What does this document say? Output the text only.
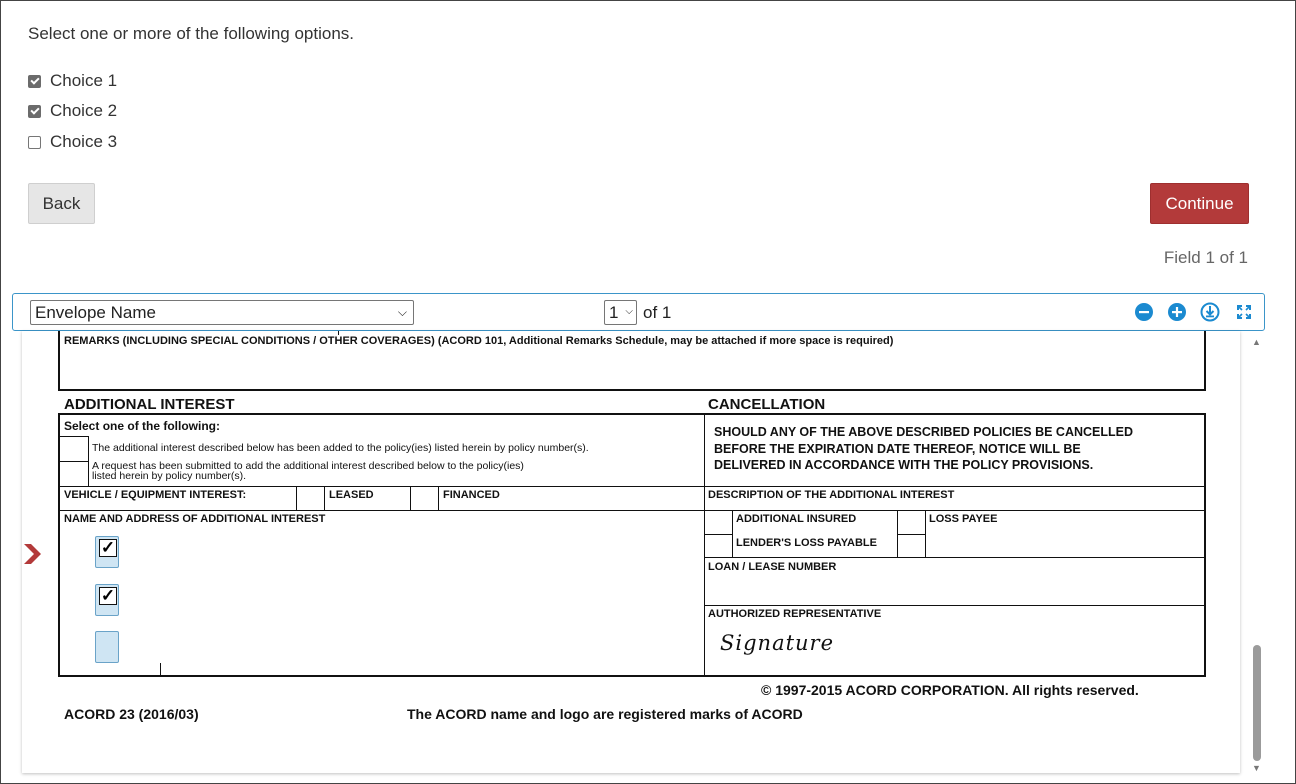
Select one or more of the following options.
Choice 1
Choice 2
Choice 3
Back	Continue
Field 1 of 1
Envelope Name	⌵	1 ⌵ of 1
REMARKS (INCLUDING SPECIAL CONDITIONS / OTHER COVERAGES) (ACORD 101, Additional Remarks Schedule, may be attached if more space is required)
ADDITIONAL INTEREST	CANCELLATION
Select one of the following:
The additional interest described below has been added to the policy(ies) listed herein by policy number(s).
A request has been submitted to add the additional interest described below to the policy(ies)
listed herein by policy number(s).
SHOULD ANY OF THE ABOVE DESCRIBED POLICIES BE CANCELLED
BEFORE THE EXPIRATION DATE THEREOF, NOTICE WILL BE
DELIVERED IN ACCORDANCE WITH THE POLICY PROVISIONS.
VEHICLE / EQUIPMENT INTEREST:	LEASED	FINANCED	DESCRIPTION OF THE ADDITIONAL INTEREST
NAME AND ADDRESS OF ADDITIONAL INTEREST	ADDITIONAL INSURED	LOSS PAYEE
LENDER'S LOSS PAYABLE
LOAN / LEASE NUMBER
AUTHORIZED REPRESENTATIVE
Signature
© 1997-2015 ACORD CORPORATION. All rights reserved.
ACORD 23 (2016/03)	The ACORD name and logo are registered marks of ACORD
✓
✓
▲
▼
